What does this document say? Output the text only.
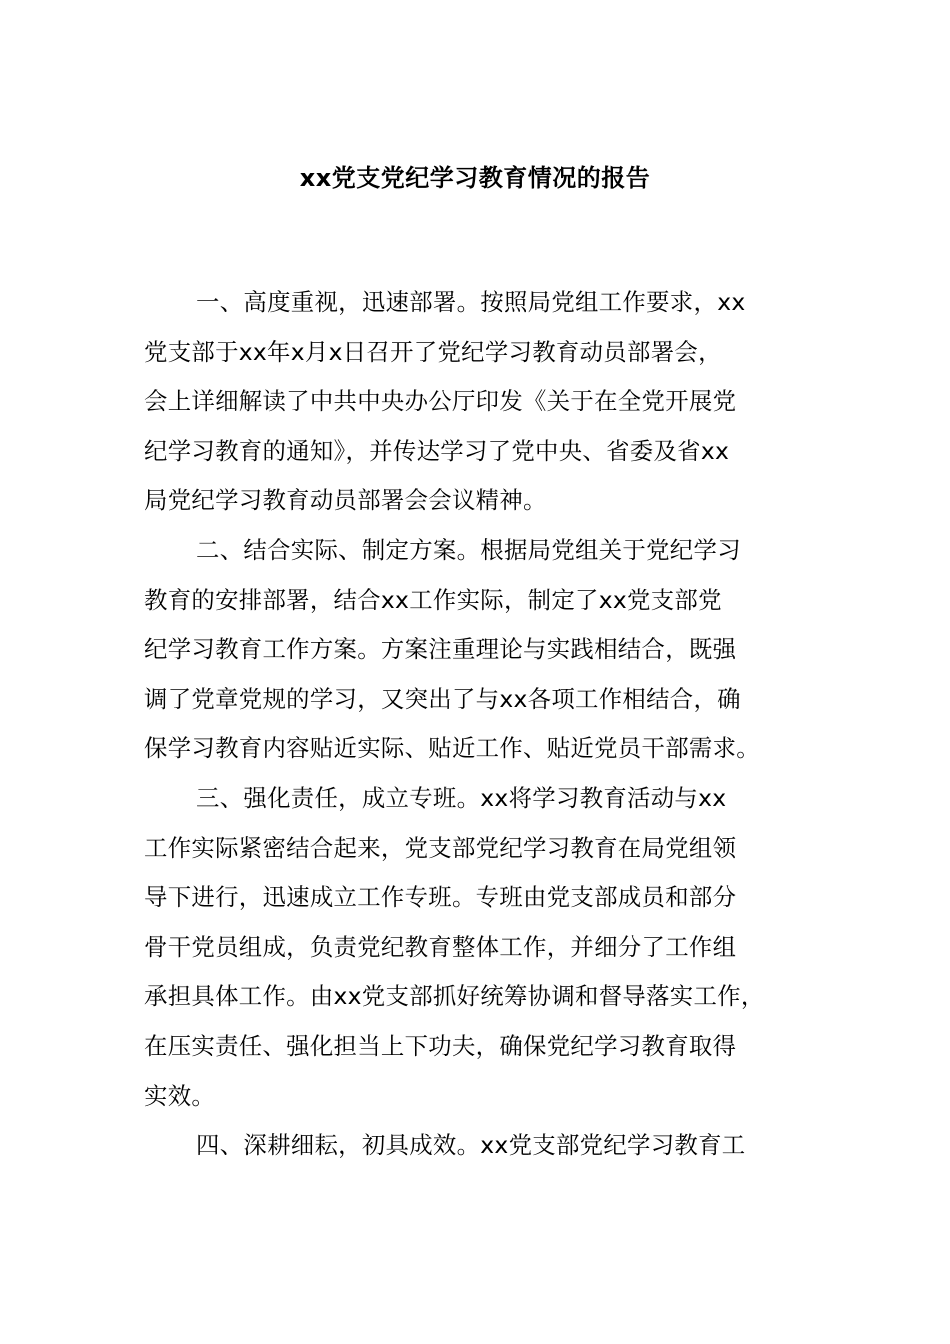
xx党支党纪学习教育情况的报告
一、高度重视，迅速部署。按照局党组工作要求，xx
党支部于xx年x月x日召开了党纪学习教育动员部署会，
会上详细解读了中共中央办公厅印发《关于在全党开展党
纪学习教育的通知》，并传达学习了党中央、省委及省xx
局党纪学习教育动员部署会会议精神。
二、结合实际、制定方案。根据局党组关于党纪学习
教育的安排部署，结合xx工作实际，制定了xx党支部党
纪学习教育工作方案。方案注重理论与实践相结合，既强
调了党章党规的学习，又突出了与xx各项工作相结合，确
保学习教育内容贴近实际、贴近工作、贴近党员干部需求。
三、强化责任，成立专班。xx将学习教育活动与xx
工作实际紧密结合起来，党支部党纪学习教育在局党组领
导下进行，迅速成立工作专班。专班由党支部成员和部分
骨干党员组成，负责党纪教育整体工作，并细分了工作组
承担具体工作。由xx党支部抓好统筹协调和督导落实工作，
在压实责任、强化担当上下功夫，确保党纪学习教育取得
实效。
四、深耕细耘，初具成效。xx党支部党纪学习教育工
